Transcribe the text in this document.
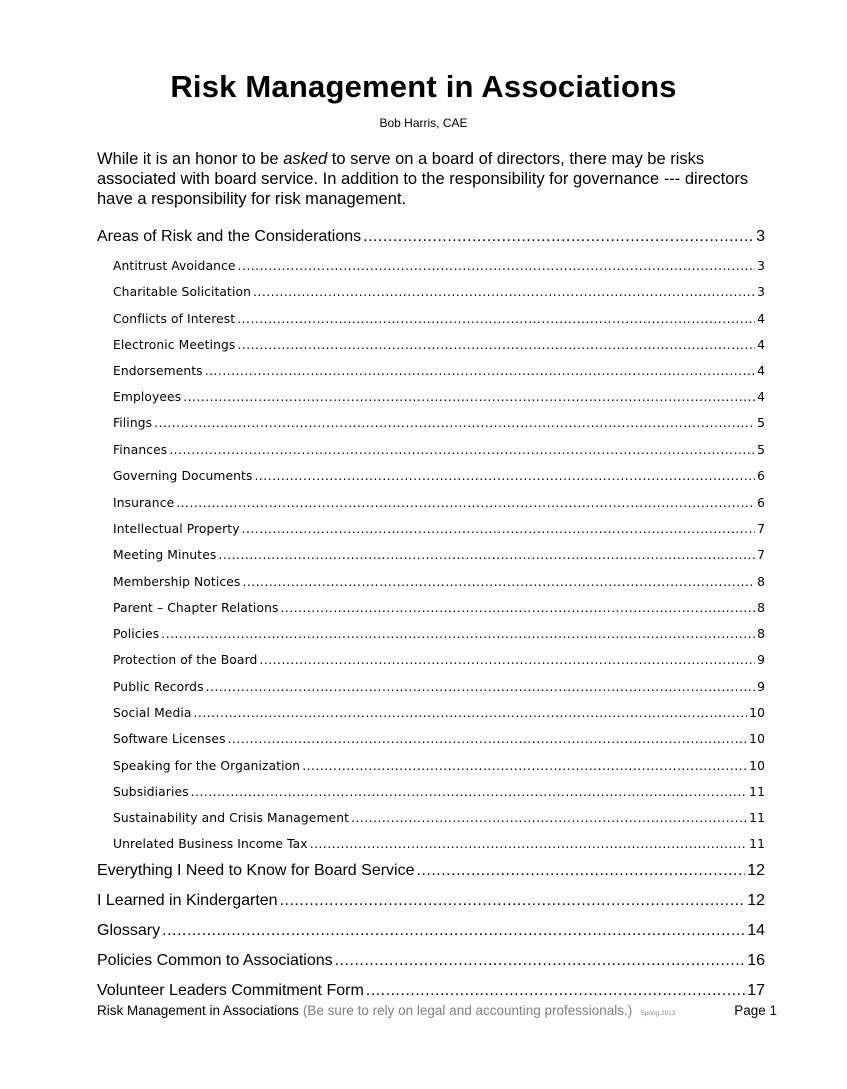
Risk Management in Associations
Bob Harris, CAE
While it is an honor to be asked to serve on a board of directors, there may be risks associated with board service. In addition to the responsibility for governance --- directors have a responsibility for risk management.
Areas of Risk and the Considerations .....	3
Antitrust Avoidance .....	3
Charitable Solicitation .....	3
Conflicts of Interest .....	4
Electronic Meetings .....	4
Endorsements .....	4
Employees .....	4
Filings .....	5
Finances .....	5
Governing Documents .....	6
Insurance .....	6
Intellectual Property .....	7
Meeting Minutes .....	7
Membership Notices .....	8
Parent – Chapter Relations .....	8
Policies .....	8
Protection of the Board .....	9
Public Records .....	9
Social Media .....	10
Software Licenses .....	10
Speaking for the Organization .....	10
Subsidiaries .....	11
Sustainability and Crisis Management .....	11
Unrelated Business Income Tax .....	11
Everything I Need to Know for Board Service .....	12
I Learned in Kindergarten .....	12
Glossary .....	14
Policies Common to Associations .....	16
Volunteer Leaders Commitment Form .....	17
Risk Management in Associations (Be sure to rely on legal and accounting professionals.) Spring 2013	Page 1
